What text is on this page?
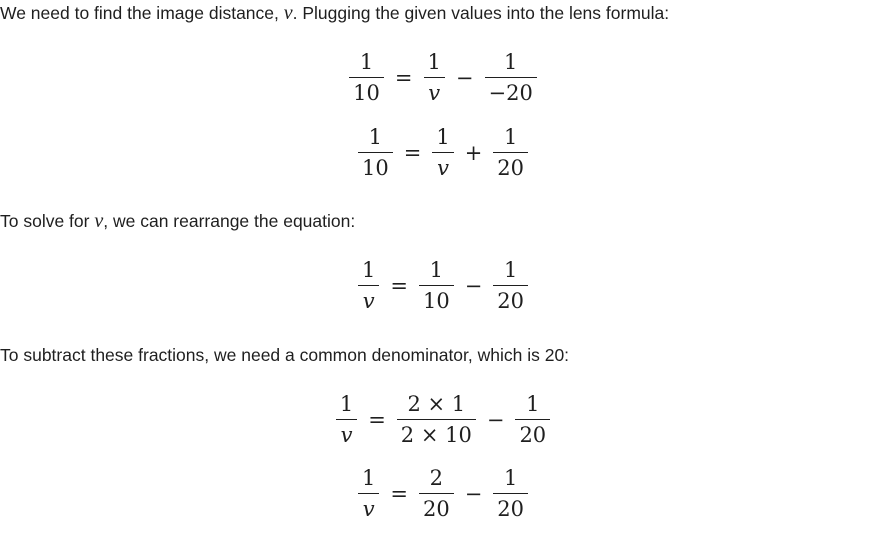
We need to find the image distance, v. Plugging the given values into the lens formula:
$\frac{1}{10} = \frac{1}{v} - \frac{1}{-20}$
$\frac{1}{10} = \frac{1}{v} + \frac{1}{20}$
To solve for v, we can rearrange the equation:
$\frac{1}{v} = \frac{1}{10} - \frac{1}{20}$
To subtract these fractions, we need a common denominator, which is 20:
$\frac{1}{v} = \frac{2 \times 1}{2 \times 10} - \frac{1}{20}$
$\frac{1}{v} = \frac{2}{20} - \frac{1}{20}$
